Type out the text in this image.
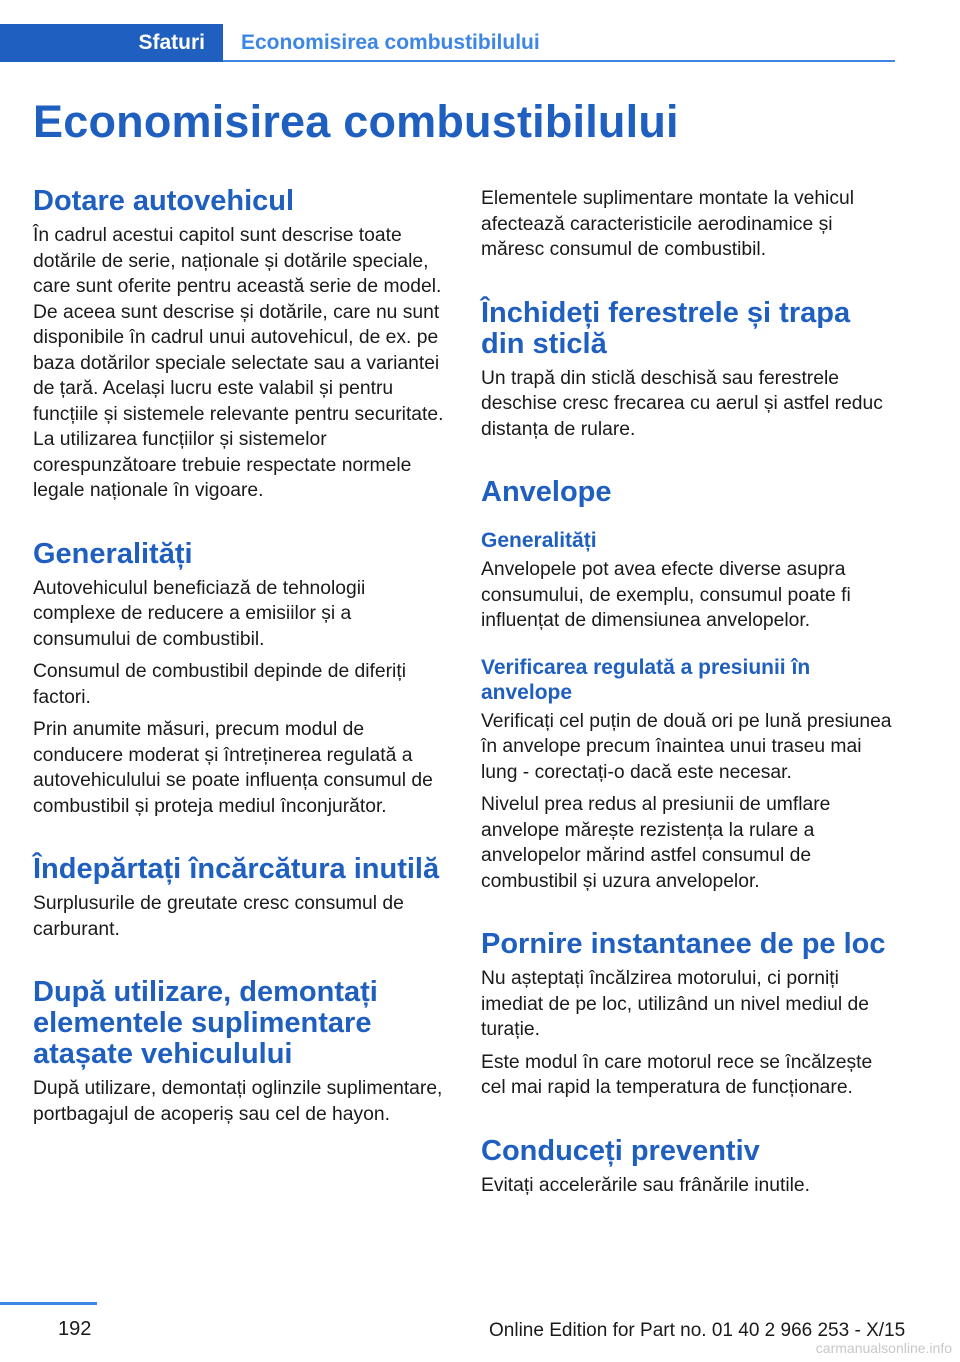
Sfaturi	Economisirea combustibilului
Economisirea combustibilului
Dotare autovehicul

În cadrul acestui capitol sunt descrise toate dotările de serie, naționale și dotările speciale, care sunt oferite pentru această serie de model. De aceea sunt descrise și dotările, care nu sunt disponibile în cadrul unui autovehicul, de ex. pe baza dotărilor speciale selectate sau a variantei de țară. Același lucru este valabil și pentru funcțiile și sistemele relevante pentru securitate. La utilizarea funcțiilor și sistemelor corespunzătoare trebuie respectate normele legale naționale în vigoare.

Generalități

Autovehiculul beneficiază de tehnologii complexe de reducere a emisiilor și a consumului de combustibil.

Consumul de combustibil depinde de diferiți factori.

Prin anumite măsuri, precum modul de conducere moderat și întreținerea regulată a autovehiculului se poate influența consumul de combustibil și proteja mediul înconjurător.

Îndepărtați încărcătura inutilă

Surplusurile de greutate cresc consumul de carburant.

După utilizare, demontați elementele suplimentare atașate vehiculului

După utilizare, demontați oglinzile suplimentare, portbagajul de acoperiș sau cel de hayon.

Elementele suplimentare montate la vehicul afectează caracteristicile aerodinamice și măresc consumul de combustibil.

Închideți ferestrele și trapa din sticlă

Un trapă din sticlă deschisă sau ferestrele deschise cresc frecarea cu aerul și astfel reduc distanța de rulare.

Anvelope
Generalități

Anvelopele pot avea efecte diverse asupra consumului, de exemplu, consumul poate fi influențat de dimensiunea anvelopelor.

Verificarea regulată a presiunii în anvelope

Verificați cel puțin de două ori pe lună presiunea în anvelope precum înaintea unui traseu mai lung - corectați-o dacă este necesar.

Nivelul prea redus al presiunii de umflare anvelope mărește rezistența la rulare a anvelopelor mărind astfel consumul de combustibil și uzura anvelopelor.

Pornire instantanee de pe loc

Nu așteptați încălzirea motorului, ci porniți imediat de pe loc, utilizând un nivel mediul de turație.

Este modul în care motorul rece se încălzește cel mai rapid la temperatura de funcționare.

Conduceți preventiv

Evitați accelerările sau frânările inutile.

192	Online Edition for Part no. 01 40 2 966 253 - X/15
carmanualsonline.info
